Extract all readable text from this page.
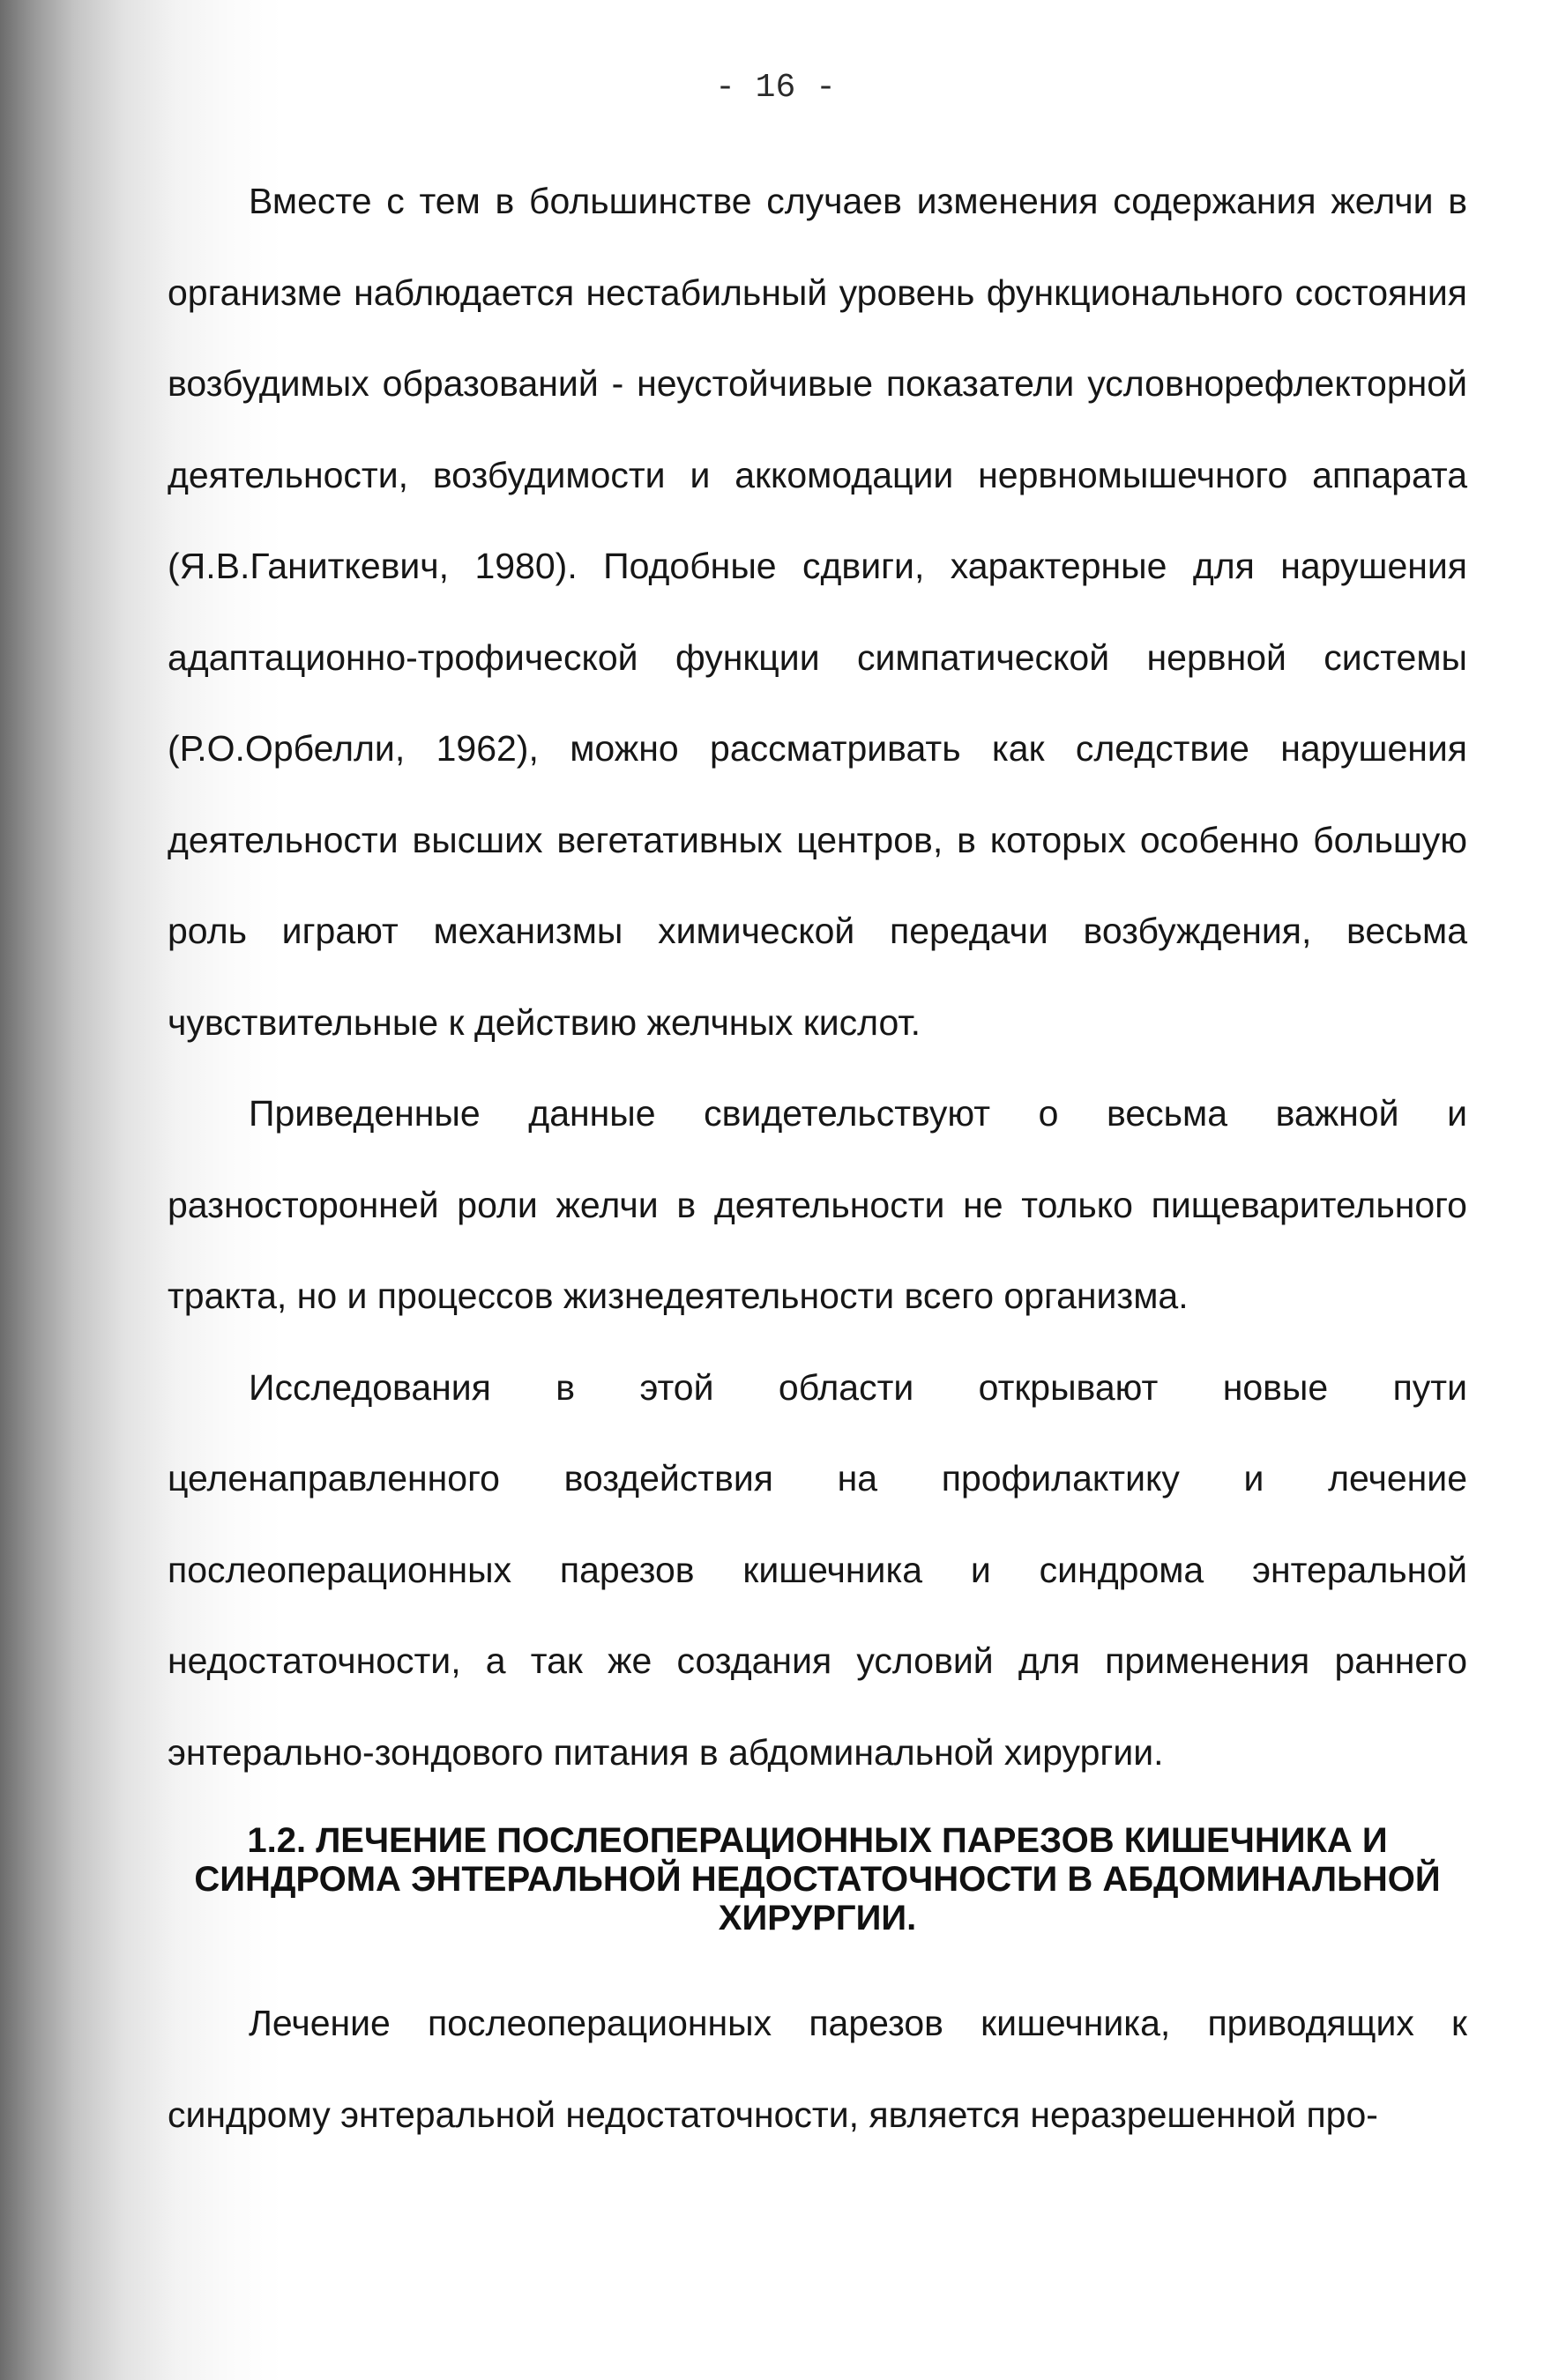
- 16 -

Вместе с тем в большинстве случаев изменения содержания желчи в организме наблюдается нестабильный уровень функционального состояния возбудимых образований - неустойчивые показатели условнорефлекторной деятельности, возбудимости и аккомодации нервномышечного аппарата (Я.В.Ганиткевич, 1980). Подобные сдвиги, характерные для нарушения адаптационно-трофической функции симпатической нервной системы (Р.О.Орбелли, 1962), можно рассматривать как следствие нарушения деятельности высших вегетативных центров, в которых особенно большую роль играют механизмы химической передачи возбуждения, весьма чувствительные к действию желчных кислот.

Приведенные данные свидетельствуют о весьма важной и разносторонней роли желчи в деятельности не только пищеварительного тракта, но и процессов жизнедеятельности всего организма.

Исследования в этой области открывают новые пути целенаправленного воздействия на профилактику и лечение послеоперационных парезов кишечника и синдрома энтеральной недостаточности, а так же создания условий для применения раннего энтерально-зондового питания в абдоминальной хирургии.

1.2. ЛЕЧЕНИЕ ПОСЛЕОПЕРАЦИОННЫХ ПАРЕЗОВ КИШЕЧНИКА И СИНДРОМА ЭНТЕРАЛЬНОЙ НЕДОСТАТОЧНОСТИ В АБДОМИНАЛЬНОЙ ХИРУРГИИ.

Лечение послеоперационных парезов кишечника, приводящих к синдрому энтеральной недостаточности, является неразрешенной про-
